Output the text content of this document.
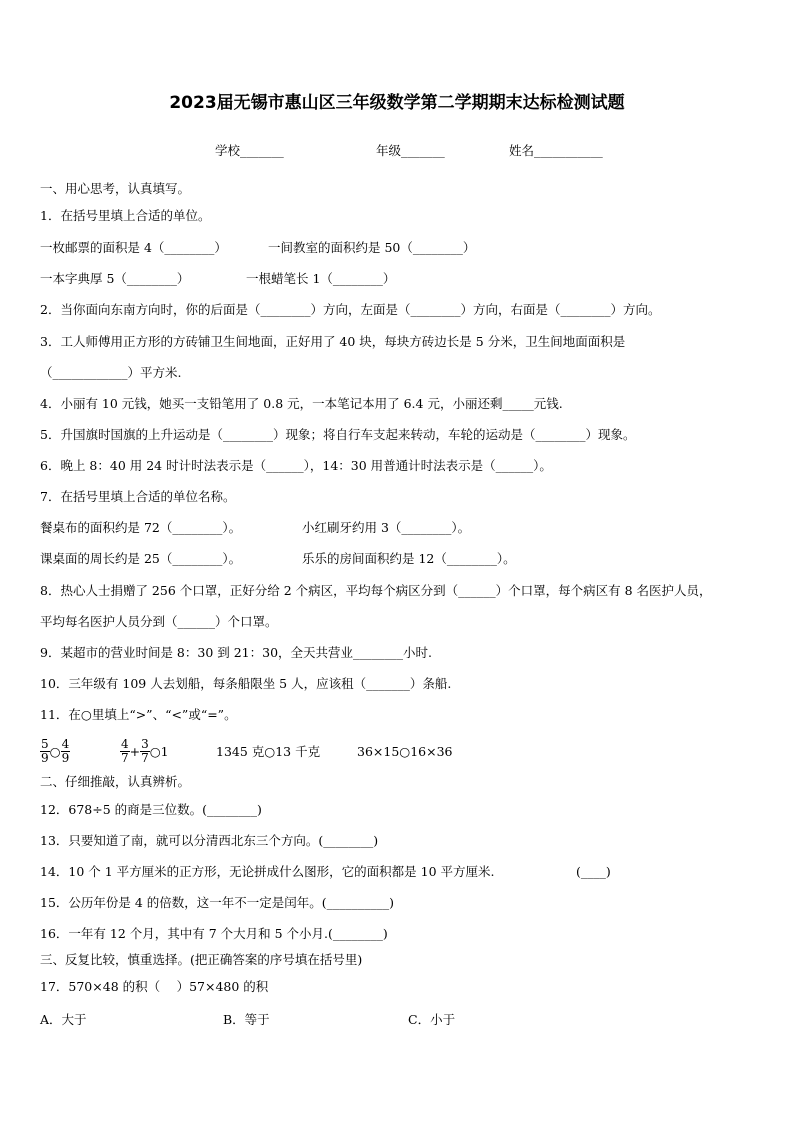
2023届无锡市惠山区三年级数学第二学期期末达标检测试题
学校_______	年级_______	姓名___________
一、用心思考，认真填写。
1．在括号里填上合适的单位。
一枚邮票的面积是 4（________）	一间教室的面积约是 50（________）
一本字典厚 5（________）	一根蜡笔长 1（________）
2．当你面向东南方向时，你的后面是（________）方向，左面是（________）方向，右面是（________）方向。
3．工人师傅用正方形的方砖铺卫生间地面，正好用了 40 块，每块方砖边长是 5 分米，卫生间地面面积是
（____________）平方米.
4．小丽有 10 元钱，她买一支铅笔用了 0.8 元，一本笔记本用了 6.4 元，小丽还剩_____元钱.
5．升国旗时国旗的上升运动是（________）现象；将自行车支起来转动，车轮的运动是（________）现象。
6．晚上 8：40 用 24 时计时法表示是（______），14：30 用普通计时法表示是（______）。
7．在括号里填上合适的单位名称。
餐桌布的面积约是 72（________）。	小红刷牙约用 3（________）。
课桌面的周长约是 25（________）。	乐乐的房间面积约是 12（________）。
8．热心人士捐赠了 256 个口罩，正好分给 2 个病区，平均每个病区分到（______）个口罩，每个病区有 8 名医护人员，
平均每名医护人员分到（______）个口罩。
9．某超市的营业时间是 8：30 到 21：30，全天共营业________小时.
10．三年级有 109 人去划船，每条船限坐 5 人，应该租（_______）条船.
11．在○里填上“>”、“<”或“=”。
$\frac{5}{9}$ ○ $\frac{4}{9}$	$\frac{4}{7} + \frac{3}{7}$ ○1	1345 克○13 千克	36×15○16×36
二、仔细推敲，认真辨析。
12．678÷5 的商是三位数。(________)
13．只要知道了南，就可以分清西北东三个方向。(________)
14．10 个 1 平方厘米的正方形，无论拼成什么图形，它的面积都是 10 平方厘米.	(____)
15．公历年份是 4 的倍数，这一年不一定是闰年。(__________)
16．一年有 12 个月，其中有 7 个大月和 5 个小月.(________)
三、反复比较，慎重选择。(把正确答案的序号填在括号里)
17．570×48 的积（　 ）57×480 的积
A．大于	B．等于	C．小于
